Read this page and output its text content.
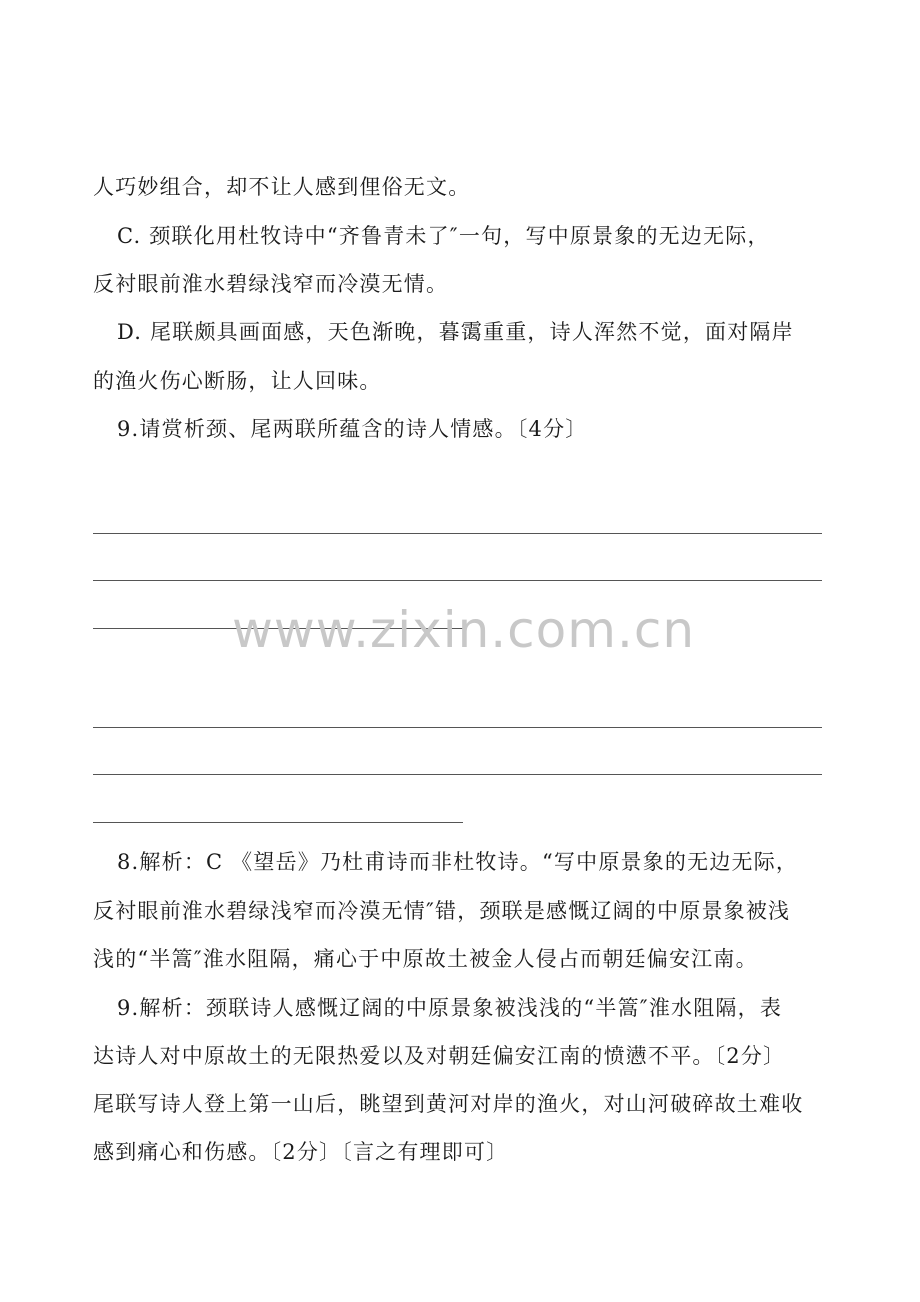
人巧妙组合，却不让人感到俚俗无文。
C. 颈联化用杜牧诗中“齐鲁青未了″一句，写中原景象的无边无际，
反衬眼前淮水碧绿浅窄而冷漠无情。
D. 尾联颇具画面感，天色渐晚，暮霭重重，诗人浑然不觉，面对隔岸
的渔火伤心断肠，让人回味。
9.请赏析颈、尾两联所蕴含的诗人情感。〔4分〕
www.zixin.com.cn
8.解析：C 《望岳》乃杜甫诗而非杜牧诗。“写中原景象的无边无际，
反衬眼前淮水碧绿浅窄而冷漠无情″错，颈联是感慨辽阔的中原景象被浅
浅的“半篙″淮水阻隔，痛心于中原故土被金人侵占而朝廷偏安江南。
9.解析：颈联诗人感慨辽阔的中原景象被浅浅的“半篙″淮水阻隔，表
达诗人对中原故土的无限热爱以及对朝廷偏安江南的愤懑不平。〔2分〕
尾联写诗人登上第一山后，眺望到黄河对岸的渔火，对山河破碎故土难收
感到痛心和伤感。〔2分〕〔言之有理即可〕
